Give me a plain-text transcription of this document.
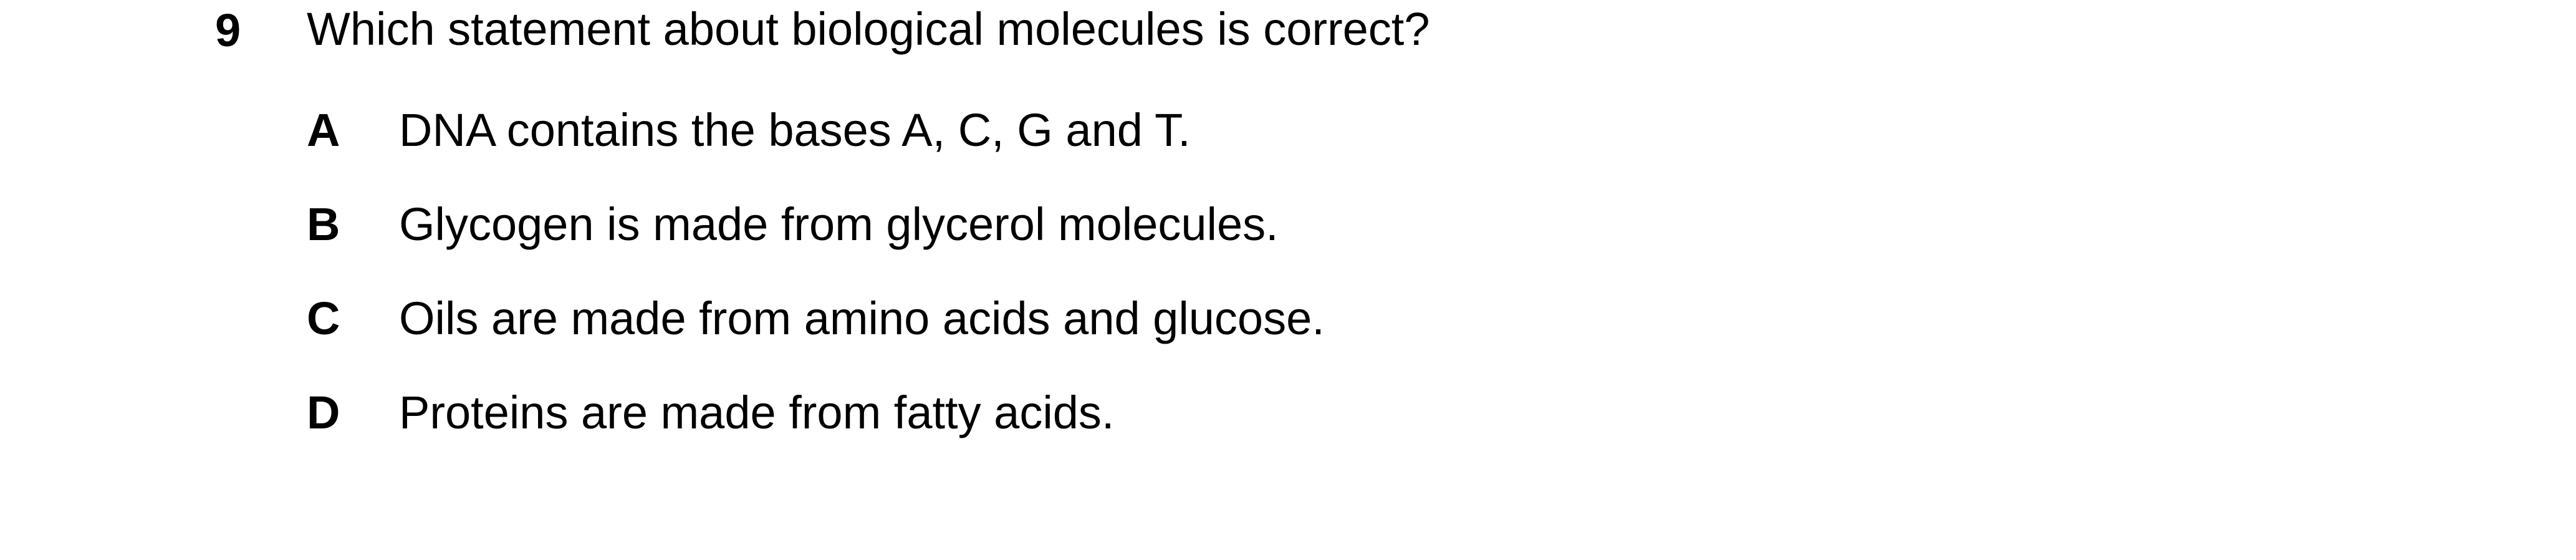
9 Which statement about biological molecules is correct?
A DNA contains the bases A, C, G and T.
B Glycogen is made from glycerol molecules.
C Oils are made from amino acids and glucose.
D Proteins are made from fatty acids.
